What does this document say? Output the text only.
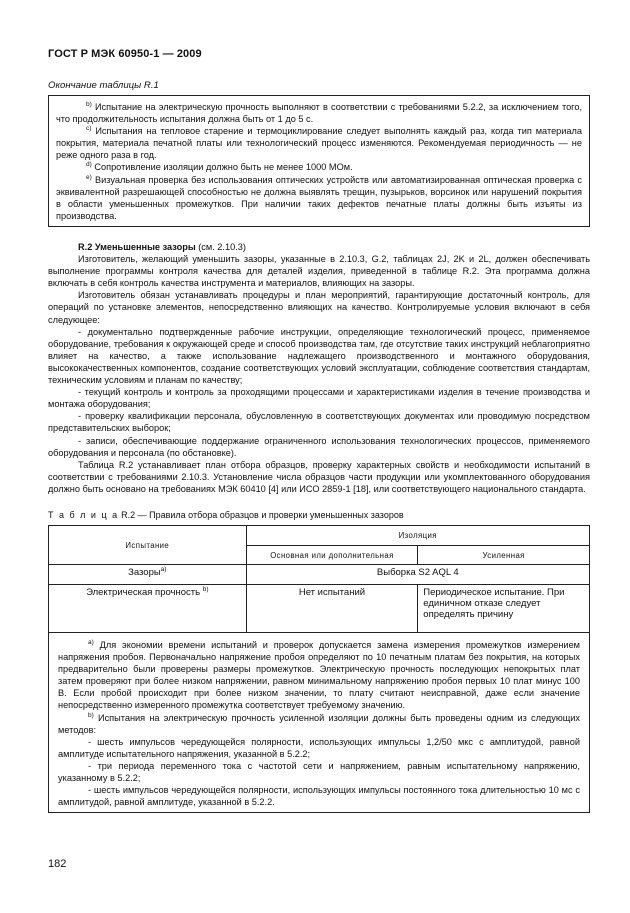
ГОСТ Р МЭК 60950-1 — 2009
Окончание таблицы R.1

$^{b)}$ Испытание на электрическую прочность выполняют в соответствии с требованиями 5.2.2, за исключением того, что продолжительность испытания должна быть от 1 до 5 с.

$^{c)}$ Испытания на тепловое старение и термоциклирование следует выполнять каждый раз, когда тип материала покрытия, материала печатной платы или технологический процесс изменяются. Рекомендуемая периодичность — не реже одного раза в год.

$^{d)}$ Сопротивление изоляции должно быть не менее 1000 МОм.

$^{e)}$ Визуальная проверка без использования оптических устройств или автоматизированная оптическая проверка с эквивалентной разрешающей способностью не должна выявлять трещин, пузырьков, ворсинок или нарушений покрытия в области уменьшенных промежутков. При наличии таких дефектов печатные платы должны быть изъяты из производства.

R.2 Уменьшенные зазоры (см. 2.10.3)

Изготовитель, желающий уменьшить зазоры, указанные в 2.10.3, G.2, таблицах 2J, 2K и 2L, должен обеспечивать выполнение программы контроля качества для деталей изделия, приведенной в таблице R.2. Эта программа должна включать в себя контроль качества инструмента и материалов, влияющих на зазоры.

Изготовитель обязан устанавливать процедуры и план мероприятий, гарантирующие достаточный контроль, для операций по установке элементов, непосредственно влияющих на качество. Контролируемые условия включают в себя следующее:

- документально подтвержденные рабочие инструкции, определяющие технологический процесс, применяемое оборудование, требования к окружающей среде и способ производства там, где отсутствие таких инструкций неблагоприятно влияет на качество, а также использование надлежащего производственного и монтажного оборудования, высококачественных компонентов, создание соответствующих условий эксплуатации, соблюдение соответствия стандартам, техническим условиям и планам по качеству;

- текущий контроль и контроль за проходящими процессами и характеристиками изделия в течение производства и монтажа оборудования;

- проверку квалификации персонала, обусловленную в соответствующих документах или проводимую посредством представительских выборок;

- записи, обеспечивающие поддержание ограниченного использования технологических процессов, применяемого оборудования и персонала (по обстановке).

Таблица R.2 устанавливает план отбора образцов, проверку характерных свойств и необходимости испытаний в соответствии с требованиями 2.10.3. Установление числа образцов части продукции или укомплектованного оборудования должно быть основано на требованиях МЭК 60410 [4] или ИСО 2859-1 [18], или соответствующего национального стандарта.

Т а б л и ц а R.2 — Правила отбора образцов и проверки уменьшенных зазоров
Испытание	Изоляция	
	Основная или дополнительная	Усиленная
Зазоры$^{a)}$	Выборка S2 AQL 4	
Электрическая прочность $^{b)}$	Нет испытаний	Периодическое испытание. При единичном отказе следует определять причину

$^{a)}$ Для экономии времени испытаний и проверок допускается замена измерения промежутков измерением напряжения пробоя. Первоначально напряжение пробоя определяют по 10 печатным платам без покрытия, на которых предварительно были проверены размеры промежутков. Электрическую прочность последующих непокрытых плат затем проверяют при более низком напряжении, равном минимальному напряжению пробоя первых 10 плат минус 100 В. Если пробой происходит при более низком значении, то плату считают неисправной, даже если значение непосредственно измеренного промежутка соответствует требуемому значению.

$^{b)}$ Испытания на электрическую прочность усиленной изоляции должны быть проведены одним из следующих методов:

- шесть импульсов чередующейся полярности, использующих импульсы 1,2/50 мкс с амплитудой, равной амплитуде испытательного напряжения, указанной в 5.2.2;

- три периода переменного тока с частотой сети и напряжением, равным испытательному напряжению, указанному в 5.2.2;

- шесть импульсов чередующейся полярности, использующих импульсы постоянного тока длительностью 10 мс с амплитудой, равной амплитуде, указанной в 5.2.2.		

182
